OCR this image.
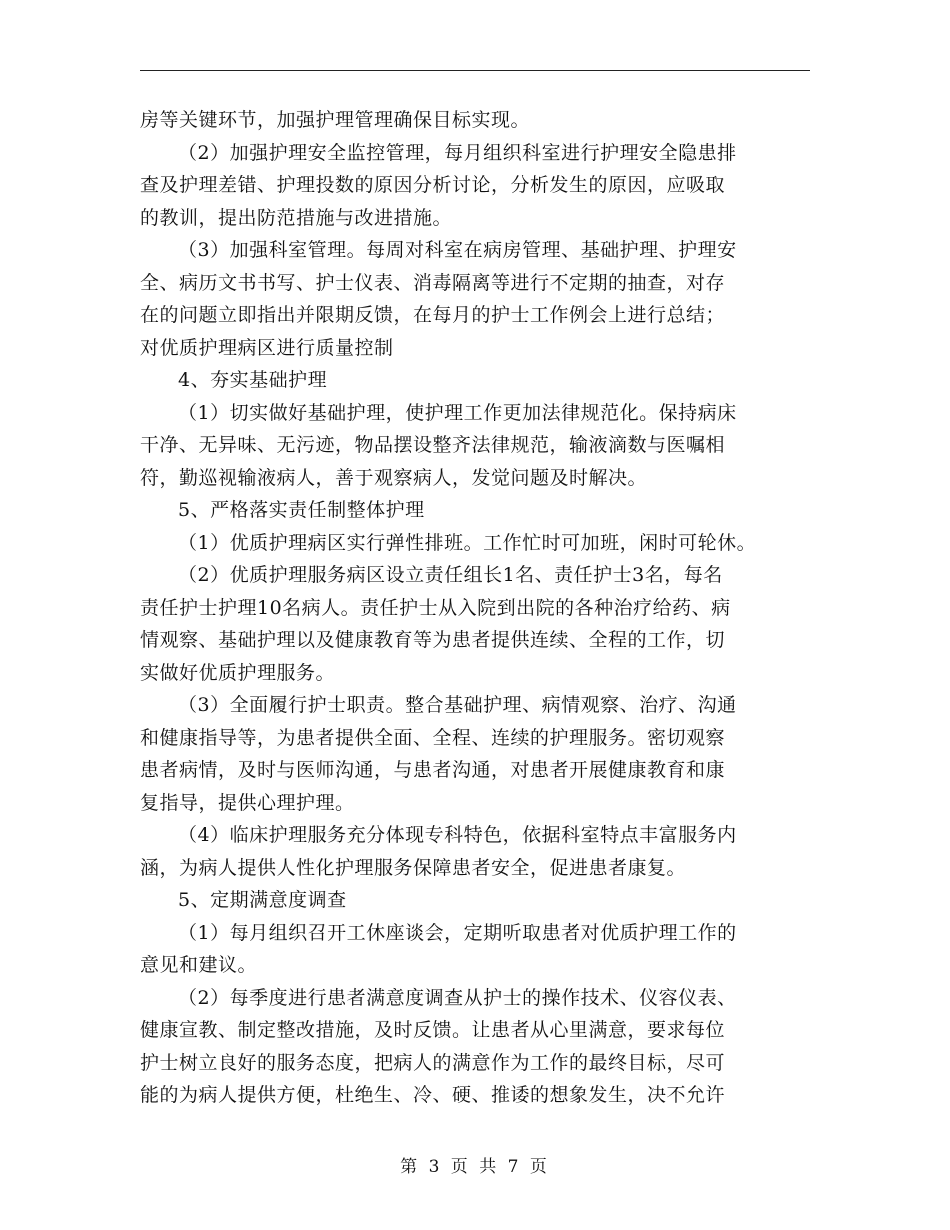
房等关键环节，加强护理管理确保目标实现。
（2）加强护理安全监控管理，每月组织科室进行护理安全隐患排
查及护理差错、护理投数的原因分析讨论，分析发生的原因，应吸取
的教训，提出防范措施与改进措施。
（3）加强科室管理。每周对科室在病房管理、基础护理、护理安
全、病历文书书写、护士仪表、消毒隔离等进行不定期的抽查，对存
在的问题立即指出并限期反馈，在每月的护士工作例会上进行总结；
对优质护理病区进行质量控制
4、夯实基础护理
（1）切实做好基础护理，使护理工作更加法律规范化。保持病床
干净、无异味、无污迹，物品摆设整齐法律规范，输液滴数与医嘱相
符，勤巡视输液病人，善于观察病人，发觉问题及时解决。
5、严格落实责任制整体护理
（1）优质护理病区实行弹性排班。工作忙时可加班，闲时可轮休。
（2）优质护理服务病区设立责任组长1名、责任护士3名，每名
责任护士护理10名病人。责任护士从入院到出院的各种治疗给药、病
情观察、基础护理以及健康教育等为患者提供连续、全程的工作，切
实做好优质护理服务。
（3）全面履行护士职责。整合基础护理、病情观察、治疗、沟通
和健康指导等，为患者提供全面、全程、连续的护理服务。密切观察
患者病情，及时与医师沟通，与患者沟通，对患者开展健康教育和康
复指导，提供心理护理。
（4）临床护理服务充分体现专科特色，依据科室特点丰富服务内
涵，为病人提供人性化护理服务保障患者安全，促进患者康复。
5、定期满意度调查
（1）每月组织召开工休座谈会，定期听取患者对优质护理工作的
意见和建议。
（2）每季度进行患者满意度调查从护士的操作技术、仪容仪表、
健康宣教、制定整改措施，及时反馈。让患者从心里满意，要求每位
护士树立良好的服务态度，把病人的满意作为工作的最终目标，尽可
能的为病人提供方便，杜绝生、冷、硬、推诿的想象发生，决不允许
第 3 页 共 7 页
